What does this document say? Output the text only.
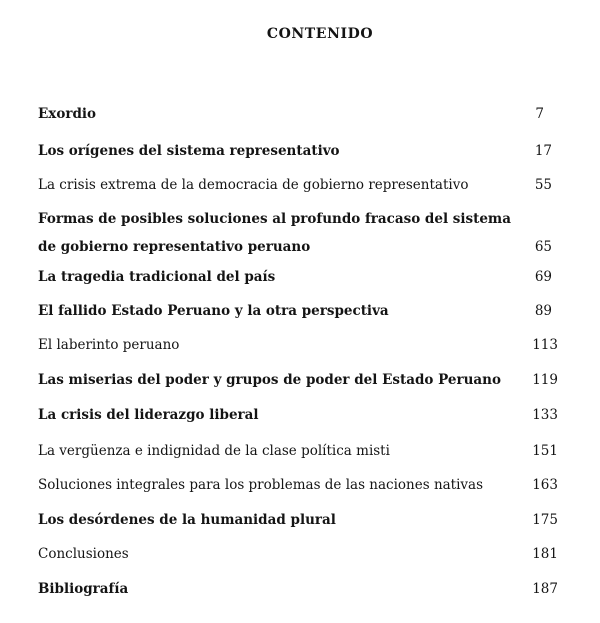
CONTENIDO
Exordio	7
Los orígenes del sistema representativo	17
La crisis extrema de la democracia de gobierno representativo	55
Formas de posibles soluciones al profundo fracaso del sistema
de gobierno representativo peruano	65
La tragedia tradicional del país	69
El fallido Estado Peruano y la otra perspectiva	89
El laberinto peruano	113
Las miserias del poder y grupos de poder del Estado Peruano	119
La crisis del liderazgo liberal	133
La vergüenza e indignidad de la clase política misti	151
Soluciones integrales para los problemas de las naciones nativas	163
Los desórdenes de la humanidad plural	175
Conclusiones	181
Bibliografía	187
